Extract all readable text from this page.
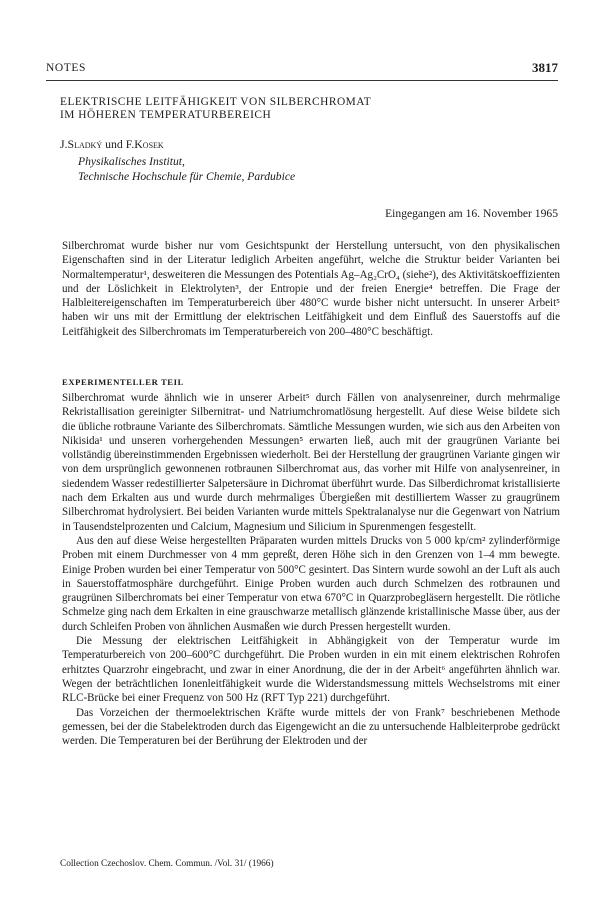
NOTES	3817
ELEKTRISCHE LEITFÄHIGKEIT VON SILBERCHROMAT
IM HÖHEREN TEMPERATURBEREICH
J.Sladký und F.Kosek
Physikalisches Institut,
Technische Hochschule für Chemie, Pardubice
Eingegangen am 16. November 1965
Silberchromat wurde bisher nur vom Gesichtspunkt der Herstellung untersucht, von den physikalischen Eigenschaften sind in der Literatur lediglich Arbeiten angeführt, welche die Struktur beider Varianten bei Normaltemperatur¹, desweiteren die Messungen des Potentials Ag–Ag₂CrO₄ (siehe²), des Aktivitätskoeffizienten und der Löslichkeit in Elektrolyten³, der Entropie und der freien Energie⁴ betreffen. Die Frage der Halbleitereigenschaften im Temperaturbereich über 480°C wurde bisher nicht untersucht. In unserer Arbeit⁵ haben wir uns mit der Ermittlung der elektrischen Leitfähigkeit und dem Einfluß des Sauerstoffs auf die Leitfähigkeit des Silberchromats im Temperaturbereich von 200–480°C beschäftigt.
EXPERIMENTELLER TEIL

Silberchromat wurde ähnlich wie in unserer Arbeit⁵ durch Fällen von analysenreiner, durch mehrmalige Rekristallisation gereinigter Silbernitrat- und Natriumchromatlösung hergestellt. Auf diese Weise bildete sich die übliche rotbraune Variante des Silberchromats. Sämtliche Messungen wurden, wie sich aus den Arbeiten von Nikisida¹ und unseren vorhergehenden Messungen⁵ erwarten ließ, auch mit der graugrünen Variante bei vollständig übereinstimmenden Ergebnissen wiederholt. Bei der Herstellung der graugrünen Variante gingen wir von dem ursprünglich gewonnenen rotbraunen Silberchromat aus, das vorher mit Hilfe von analysenreiner, in siedendem Wasser redestillierter Salpetersäure in Dichromat überführt wurde. Das Silberdichromat kristallisierte nach dem Erkalten aus und wurde durch mehrmaliges Übergießen mit destilliertem Wasser zu graugrünem Silberchromat hydrolysiert. Bei beiden Varianten wurde mittels Spektralanalyse nur die Gegenwart von Natrium in Tausendstelprozenten und Calcium, Magnesium und Silicium in Spurenmengen fesgestellt.

Aus den auf diese Weise hergestellten Präparaten wurden mittels Drucks von 5 000 kp/cm² zylinderförmige Proben mit einem Durchmesser von 4 mm gepreßt, deren Höhe sich in den Grenzen von 1–4 mm bewegte. Einige Proben wurden bei einer Temperatur von 500°C gesintert. Das Sintern wurde sowohl an der Luft als auch in Sauerstoffatmosphäre durchgeführt. Einige Proben wurden auch durch Schmelzen des rotbraunen und graugrünen Silberchromats bei einer Temperatur von etwa 670°C in Quarzprobegläsern hergestellt. Die rötliche Schmelze ging nach dem Erkalten in eine grauschwarze metallisch glänzende kristallinische Masse über, aus der durch Schleifen Proben von ähnlichen Ausmaßen wie durch Pressen hergestellt wurden.

Die Messung der elektrischen Leitfähigkeit in Abhängigkeit von der Temperatur wurde im Temperaturbereich von 200–600°C durchgeführt. Die Proben wurden in ein mit einem elektrischen Rohrofen erhitztes Quarzrohr eingebracht, und zwar in einer Anordnung, die der in der Arbeit⁶ angeführten ähnlich war. Wegen der beträchtlichen Ionenleitfähigkeit wurde die Widerstandsmessung mittels Wechselstroms mit einer RLC-Brücke bei einer Frequenz von 500 Hz (RFT Typ 221) durchgeführt.

Das Vorzeichen der thermoelektrischen Kräfte wurde mittels der von Frank⁷ beschriebenen Methode gemessen, bei der die Stabelektroden durch das Eigengewicht an die zu untersuchende Halbleiterprobe gedrückt werden. Die Temperaturen bei der Berührung der Elektroden und der

Collection Czechoslov. Chem. Commun. /Vol. 31/ (1966)
